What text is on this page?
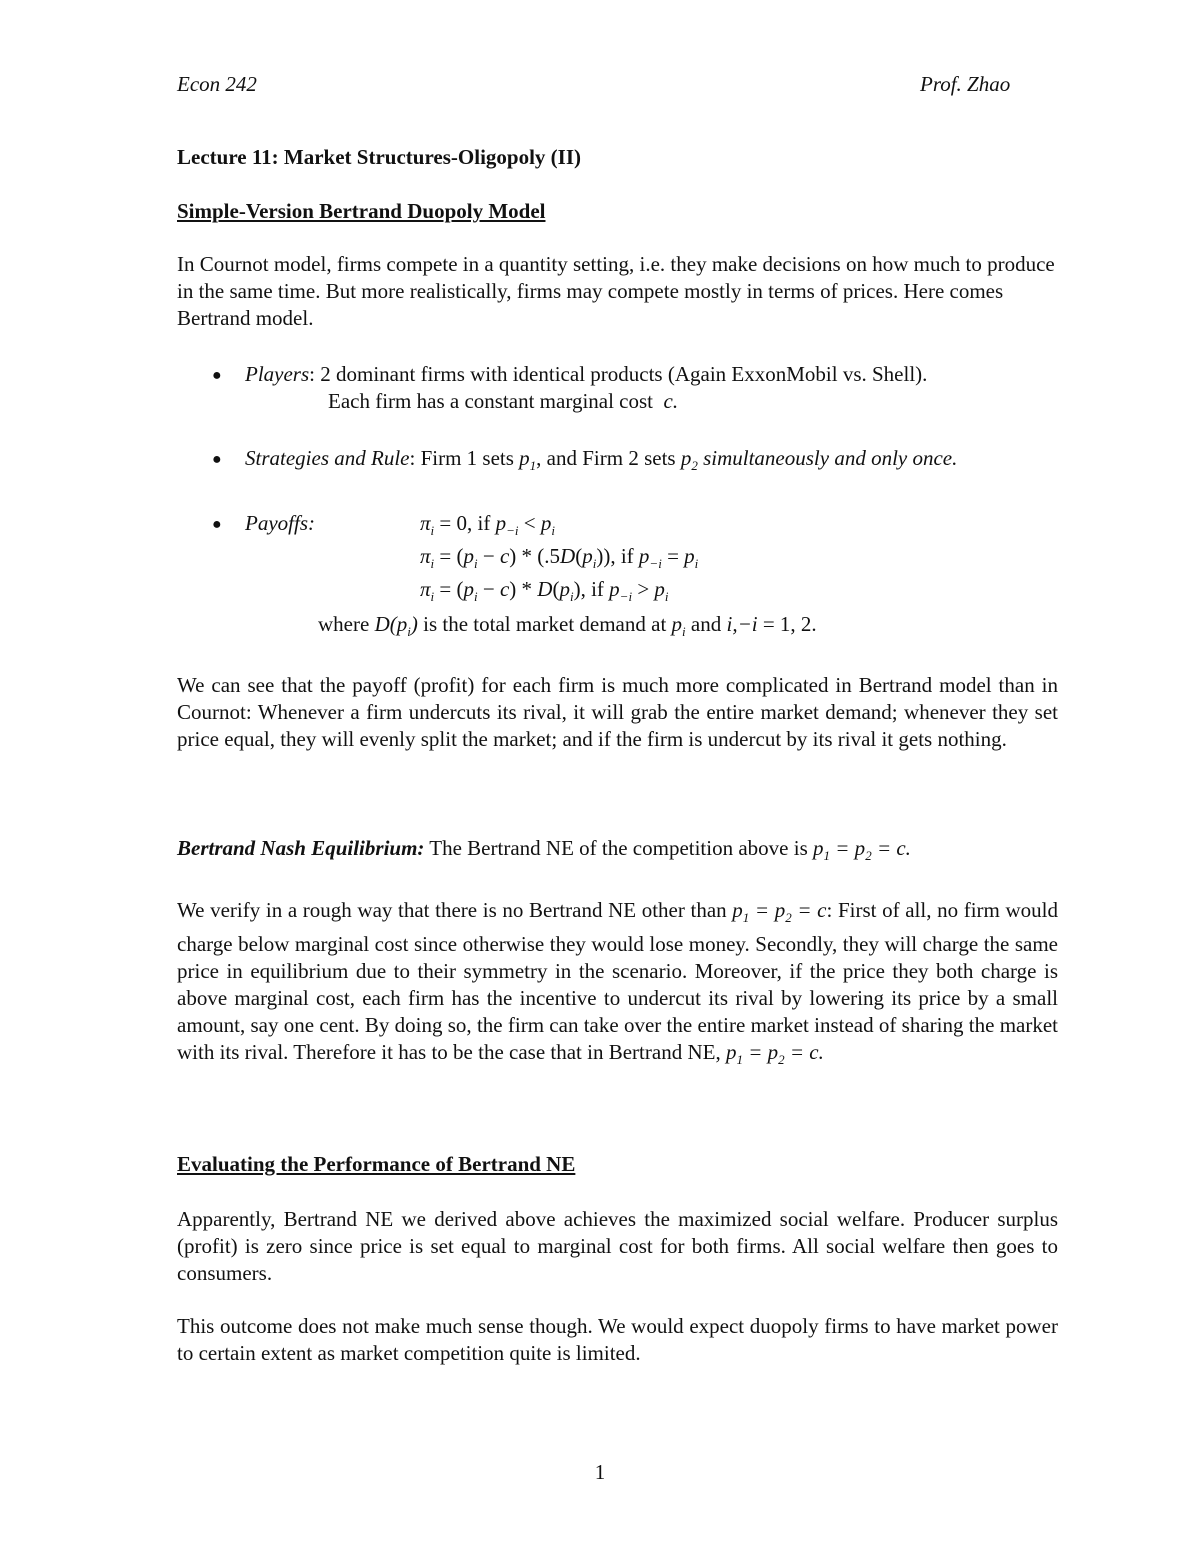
Econ 242	Prof. Zhao
Lecture 11: Market Structures-Oligopoly (II)
Simple-Version Bertrand Duopoly Model
In Cournot model, firms compete in a quantity setting, i.e. they make decisions on how much to produce in the same time. But more realistically, firms may compete mostly in terms of prices. Here comes Bertrand model.
● Players: 2 dominant firms with identical products (Again ExxonMobil vs. Shell).
Each firm has a constant marginal cost c.
● Strategies and Rule: Firm 1 sets $p_1$, and Firm 2 sets $p_2$ simultaneously and only once.
● Payoffs:	$\pi_i = 0$, if $p_{-i} < p_i$
$\pi_i = (p_i - c) * (.5D(p_i))$, if $p_{-i} = p_i$
$\pi_i = (p_i - c) * D(p_i)$, if $p_{-i} > p_i$
where $D(p_i)$ is the total market demand at $p_i$ and i,−i = 1, 2.
We can see that the payoff (profit) for each firm is much more complicated in Bertrand model than in Cournot: Whenever a firm undercuts its rival, it will grab the entire market demand; whenever they set price equal, they will evenly split the market; and if the firm is undercut by its rival it gets nothing.
Bertrand Nash Equilibrium: The Bertrand NE of the competition above is $p_1 = p_2 = c$.
We verify in a rough way that there is no Bertrand NE other than $p_1 = p_2 = c$: First of all, no firm would charge below marginal cost since otherwise they would lose money. Secondly, they will charge the same price in equilibrium due to their symmetry in the scenario. Moreover, if the price they both charge is above marginal cost, each firm has the incentive to undercut its rival by lowering its price by a small amount, say one cent. By doing so, the firm can take over the entire market instead of sharing the market with its rival. Therefore it has to be the case that in Bertrand NE, $p_1 = p_2 = c$.
Evaluating the Performance of Bertrand NE
Apparently, Bertrand NE we derived above achieves the maximized social welfare. Producer surplus (profit) is zero since price is set equal to marginal cost for both firms. All social welfare then goes to consumers.
This outcome does not make much sense though. We would expect duopoly firms to have market power to certain extent as market competition quite is limited.
1
